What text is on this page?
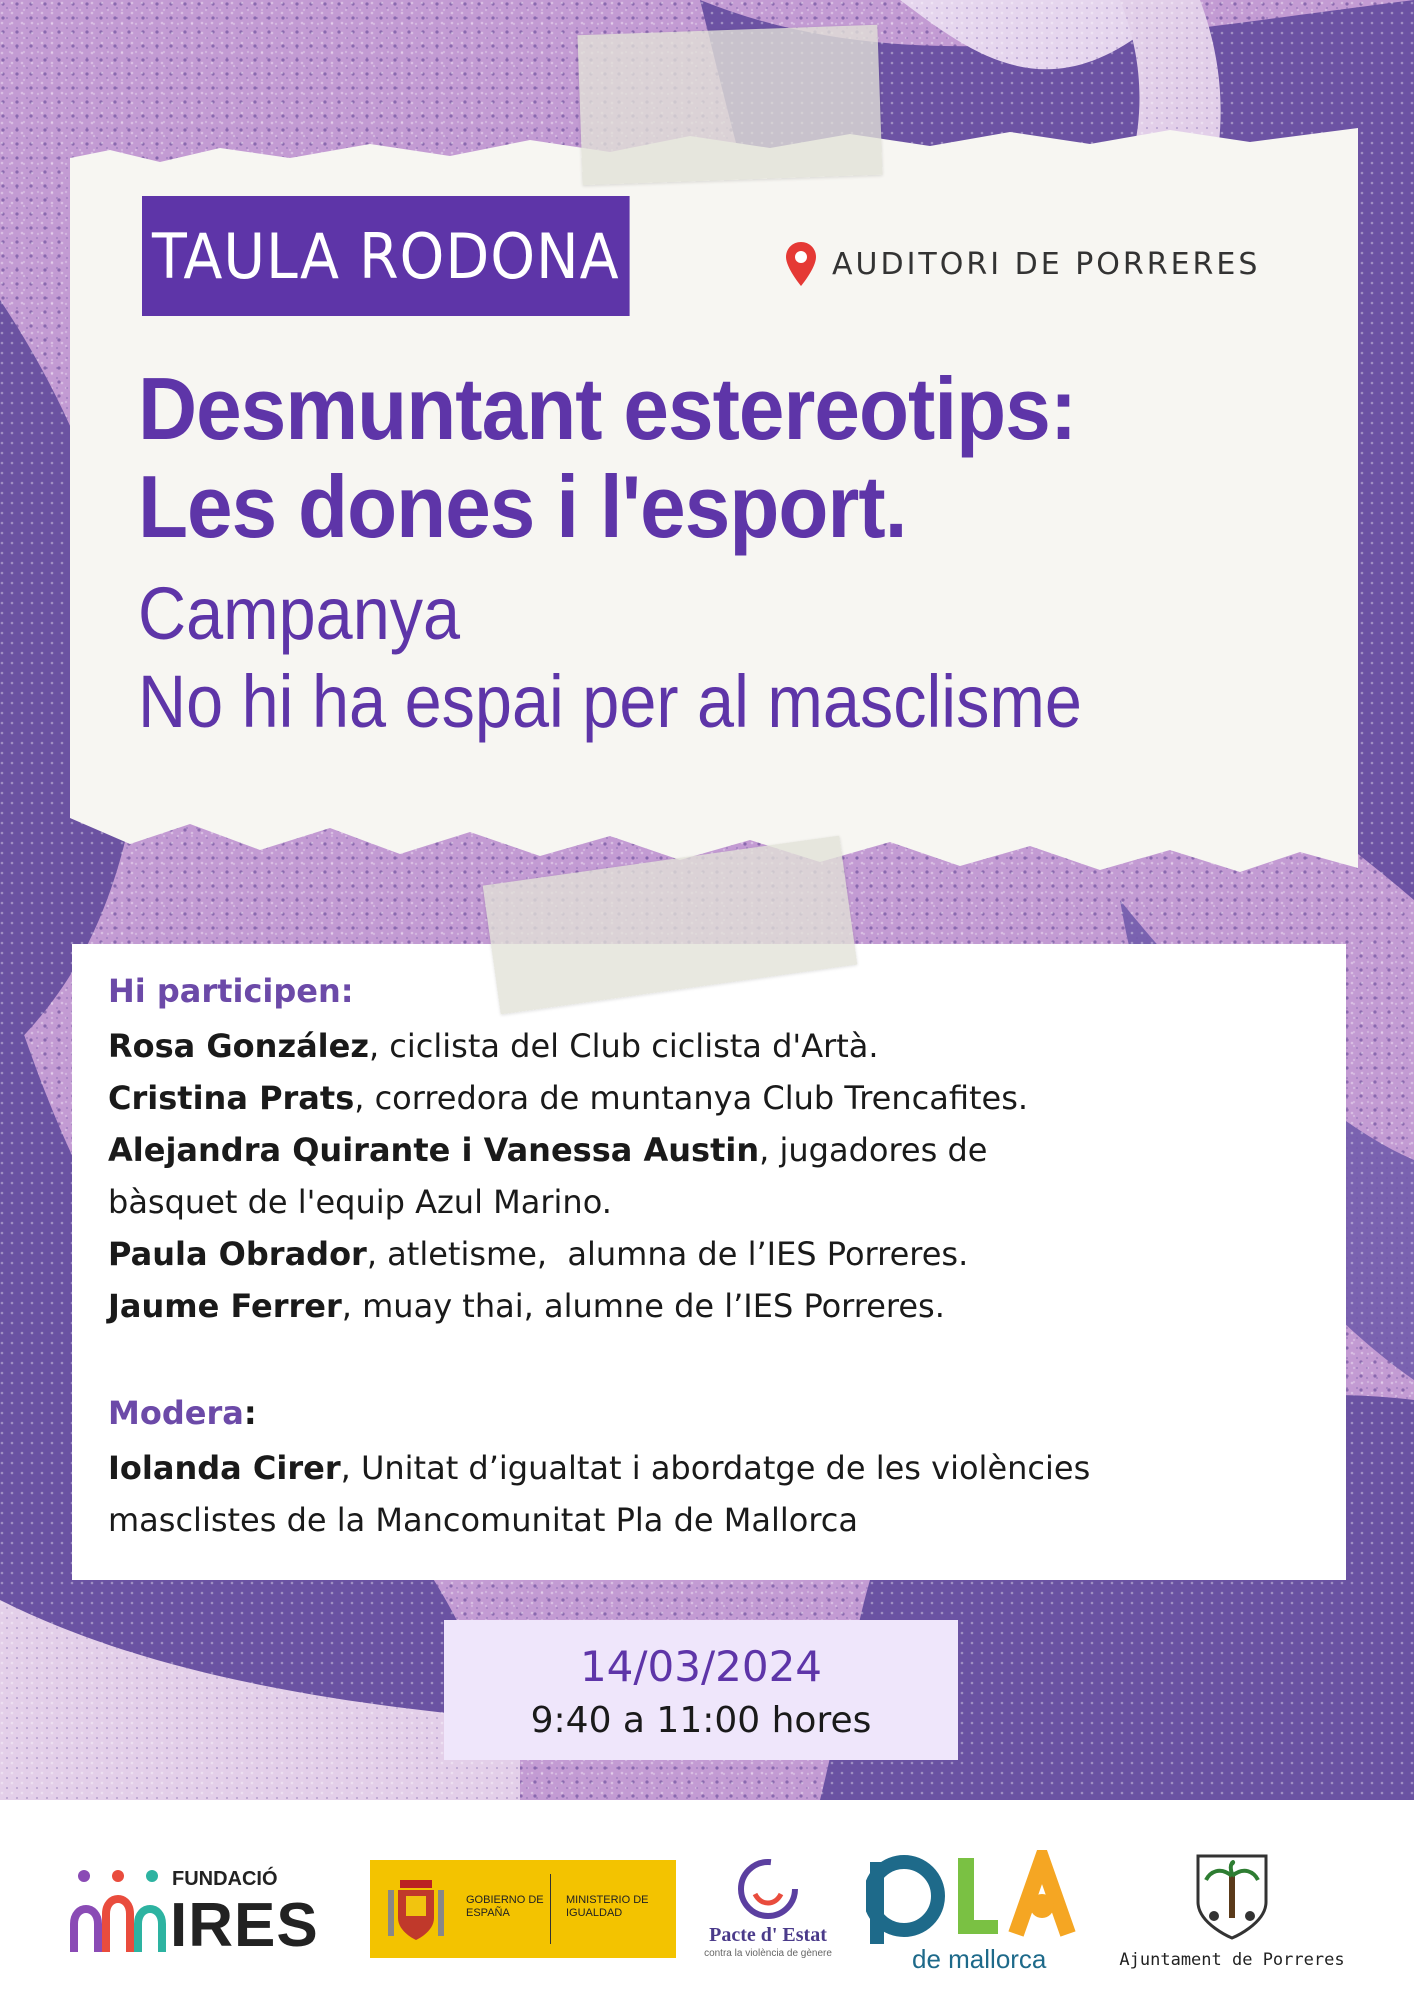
TAULA RODONA	AUDITORI DE PORRERES
Desmuntant estereotips:
Les dones i l'esport.
Campanya
No hi ha espai per al masclisme
Hi participen:
Rosa González, ciclista del Club ciclista d'Artà.
Cristina Prats, corredora de muntanya Club Trencafites.
Alejandra Quirante i Vanessa Austin, jugadores de
bàsquet de l'equip Azul Marino.
Paula Obrador, atletisme,  alumna de l’IES Porreres.
Jaume Ferrer, muay thai, alumne de l’IES Porreres.
Modera:
Iolanda Cirer, Unitat d’igualtat i abordatge de les violències
masclistes de la Mancomunitat Pla de Mallorca
14/03/2024
9:40 a 11:00 hores
FUNDACIÓ
IRES	GOBIERNO DE ESPAÑA
MINISTERIO DE IGUALDAD
Pacte d' Estat
contra la violència de gènere	de mallorca	Ajuntament de Porreres
